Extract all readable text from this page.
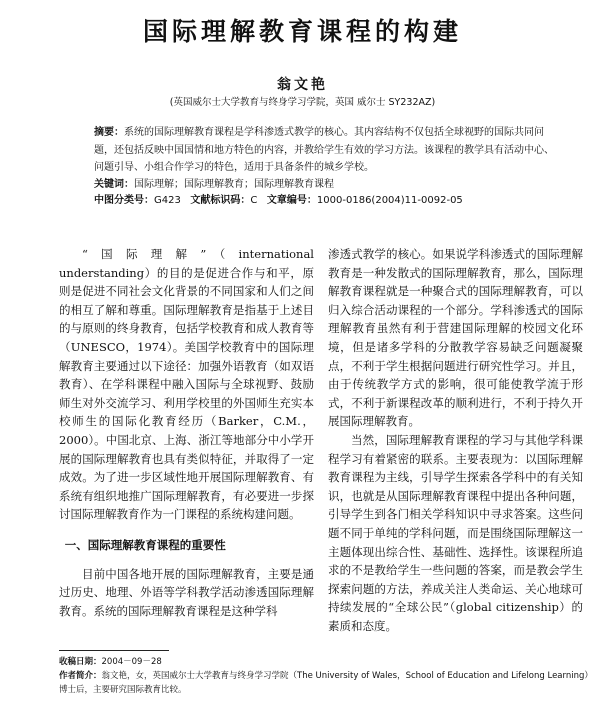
国际理解教育课程的构建
翁文艳
(英国威尔士大学教育与终身学习学院，英国 威尔士 SY232AZ)
摘要：系统的国际理解教育课程是学科渗透式教学的核心。其内容结构不仅包括全球视野的国际共同问题，还包括反映中国国情和地方特色的内容，并教给学生有效的学习方法。该课程的教学具有活动中心、问题引导、小组合作学习的特色，适用于具备条件的城乡学校。
关键词：国际理解；国际理解教育；国际理解教育课程
中图分类号：G423 文献标识码：C 文章编号：1000-0186(2004)11-0092-05

“国际理解”（international understanding）的目的是促进合作与和平，原则是促进不同社会文化背景的不同国家和人们之间的相互了解和尊重。国际理解教育是指基于上述目的与原则的终身教育，包括学校教育和成人教育等（UNESCO，1974）。美国学校教育中的国际理解教育主要通过以下途径：加强外语教育（如双语教育）、在学科课程中融入国际与全球视野、鼓励师生对外交流学习、利用学校里的外国师生充实本校师生的国际化教育经历（Barker，C.M.，2000）。中国北京、上海、浙江等地部分中小学开展的国际理解教育也具有类似特征，并取得了一定成效。为了进一步区域性地开展国际理解教育、有系统有组织地推广国际理解教育，有必要进一步探讨国际理解教育作为一门课程的系统构建问题。

一、国际理解教育课程的重要性

目前中国各地开展的国际理解教育，主要是通过历史、地理、外语等学科教学活动渗透国际理解教育。系统的国际理解教育课程是这种学科

渗透式教学的核心。如果说学科渗透式的国际理解教育是一种发散式的国际理解教育，那么，国际理解教育课程就是一种聚合式的国际理解教育，可以归入综合活动课程的一个部分。学科渗透式的国际理解教育虽然有利于营建国际理解的校园文化环境，但是诸多学科的分散教学容易缺乏问题凝聚点，不利于学生根据问题进行研究性学习。并且，由于传统教学方式的影响，很可能使教学流于形式，不利于新课程改革的顺利进行，不利于持久开展国际理解教育。

当然，国际理解教育课程的学习与其他学科课程学习有着紧密的联系。主要表现为：以国际理解教育课程为主线，引导学生探索各学科中的有关知识，也就是从国际理解教育课程中提出各种问题，引导学生到各门相关学科知识中寻求答案。这些问题不同于单纯的学科问题，而是围绕国际理解这一主题体现出综合性、基础性、选择性。该课程所追求的不是教给学生一些问题的答案，而是教会学生探索问题的方法，养成关注人类命运、关心地球可持续发展的“全球公民”（global citizenship）的素质和态度。

收稿日期：2004－09－28
作者简介：翁文艳，女，英国威尔士大学教育与终身学习学院（The University of Wales，School of Education and Lifelong Learning）博士后，主要研究国际教育比较。
